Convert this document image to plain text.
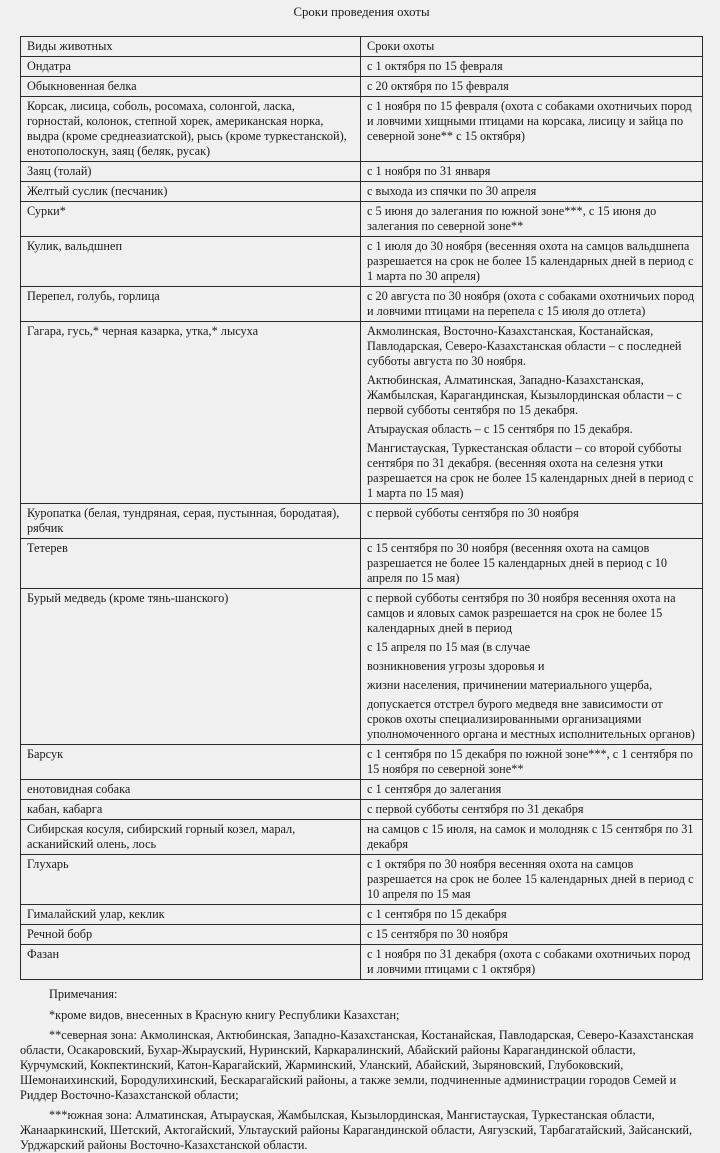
Сроки проведения охоты
Виды животных	Сроки охоты
Ондатра	с 1 октября по 15 февраля

Обыкновенная белка	с 20 октября по 15 февраля

Корсак, лисица, соболь, росомаха, солонгой, ласка, горностай, колонок, степной хорек, американская норка, выдра (кроме среднеазиатской), рысь (кроме туркестанской), енотополоскун, заяц (беляк, русак)	с 1 ноября по 15 февраля (охота с собаками охотничьих пород и ловчими хищными птицами на корсака, лисицу и зайца по северной зоне** с 15 октября)

Заяц (толай)	с 1 ноября по 31 января

Желтый суслик (песчаник)	с выхода из спячки по 30 апреля

Сурки*	с 5 июня до залегания по южной зоне***, с 15 июня до залегания по северной зоне**

Кулик, вальдшнеп	с 1 июля до 30 ноября (весенняя охота на самцов вальдшнепа разрешается на срок не более 15 календарных дней в период с 1 марта по 30 апреля)

Перепел, голубь, горлица	с 20 августа по 30 ноября (охота с собаками охотничьих пород и ловчими птицами на перепела с 15 июля до отлета)

Гагара, гусь,* черная казарка, утка,* лысуха	Акмолинская, Восточно-Казахстанская, Костанайская, Павлодарская, Северо-Казахстанская области – с последней субботы августа по 30 ноября.

Актюбинская, Алматинская, Западно-Казахстанская, Жамбылская, Карагандинская, Кызылординская области – с первой субботы сентября по 15 декабря.

Атырауская область – с 15 сентября по 15 декабря.

Мангистауская, Туркестанская области – со второй субботы сентября по 31 декабря. (весенняя охота на селезня утки разрешается на срок не более 15 календарных дней в период с 1 марта по 15 мая)

Куропатка (белая, тундряная, серая, пустынная, бородатая), рябчик	с первой субботы сентября по 30 ноября

Тетерев	с 15 сентября по 30 ноября (весенняя охота на самцов разрешается не более 15 календарных дней в период с 10 апреля по 15 мая)

Бурый медведь (кроме тянь-шанского)	с первой субботы сентября по 30 ноября весенняя охота на самцов и яловых самок разрешается на срок не более 15 календарных дней в период

с 15 апреля по 15 мая (в случае

возникновения угрозы здоровья и

жизни населения, причинении материального ущерба,

допускается отстрел бурого медведя вне зависимости от сроков охоты специализированными организациями уполномоченного органа и местных исполнительных органов)

Барсук	с 1 сентября по 15 декабря по южной зоне***, с 1 сентября по 15 ноября по северной зоне**

енотовидная собака	с 1 сентября до залегания

кабан, кабарга	с первой субботы сентября по 31 декабря

Сибирская косуля, сибирский горный козел, марал, асканийский олень, лось	на самцов с 15 июля, на самок и молодняк с 15 сентября по 31 декабря

Глухарь	с 1 октября по 30 ноября весенняя охота на самцов разрешается на срок не более 15 календарных дней в период с 10 апреля по 15 мая

Гималайский улар, кеклик	с 1 сентября по 15 декабря

Речной бобр	с 15 сентября по 30 ноября

Фазан	с 1 ноября по 31 декабря (охота с собаками охотничьих пород и ловчими птицами с 1 октября)

Примечания:

*кроме видов, внесенных в Красную книгу Республики Казахстан;

**северная зона: Акмолинская, Актюбинская, Западно-Казахстанская, Костанайская, Павлодарская, Северо-Казахстанская области, Осакаровский, Бухар-Жырауский, Нуринский, Каркаралинский, Абайский районы Карагандинской области, Курчумский, Кокпектинский, Катон-Карагайский, Жарминский, Уланский, Абайский, Зыряновский, Глубоковский, Шемонаихинский, Бородулихинский, Бескарагайский районы, а также земли, подчиненные администрации городов Семей и Риддер Восточно-Казахстанской области;

***южная зона: Алматинская, Атырауская, Жамбылская, Кызылординская, Мангистауская, Туркестанская области, Жанааркинский, Шетский, Актогайский, Ультауский районы Карагандинской области, Аягузский, Тарбагатайский, Зайсанский, Урджарский районы Восточно-Казахстанской области.
